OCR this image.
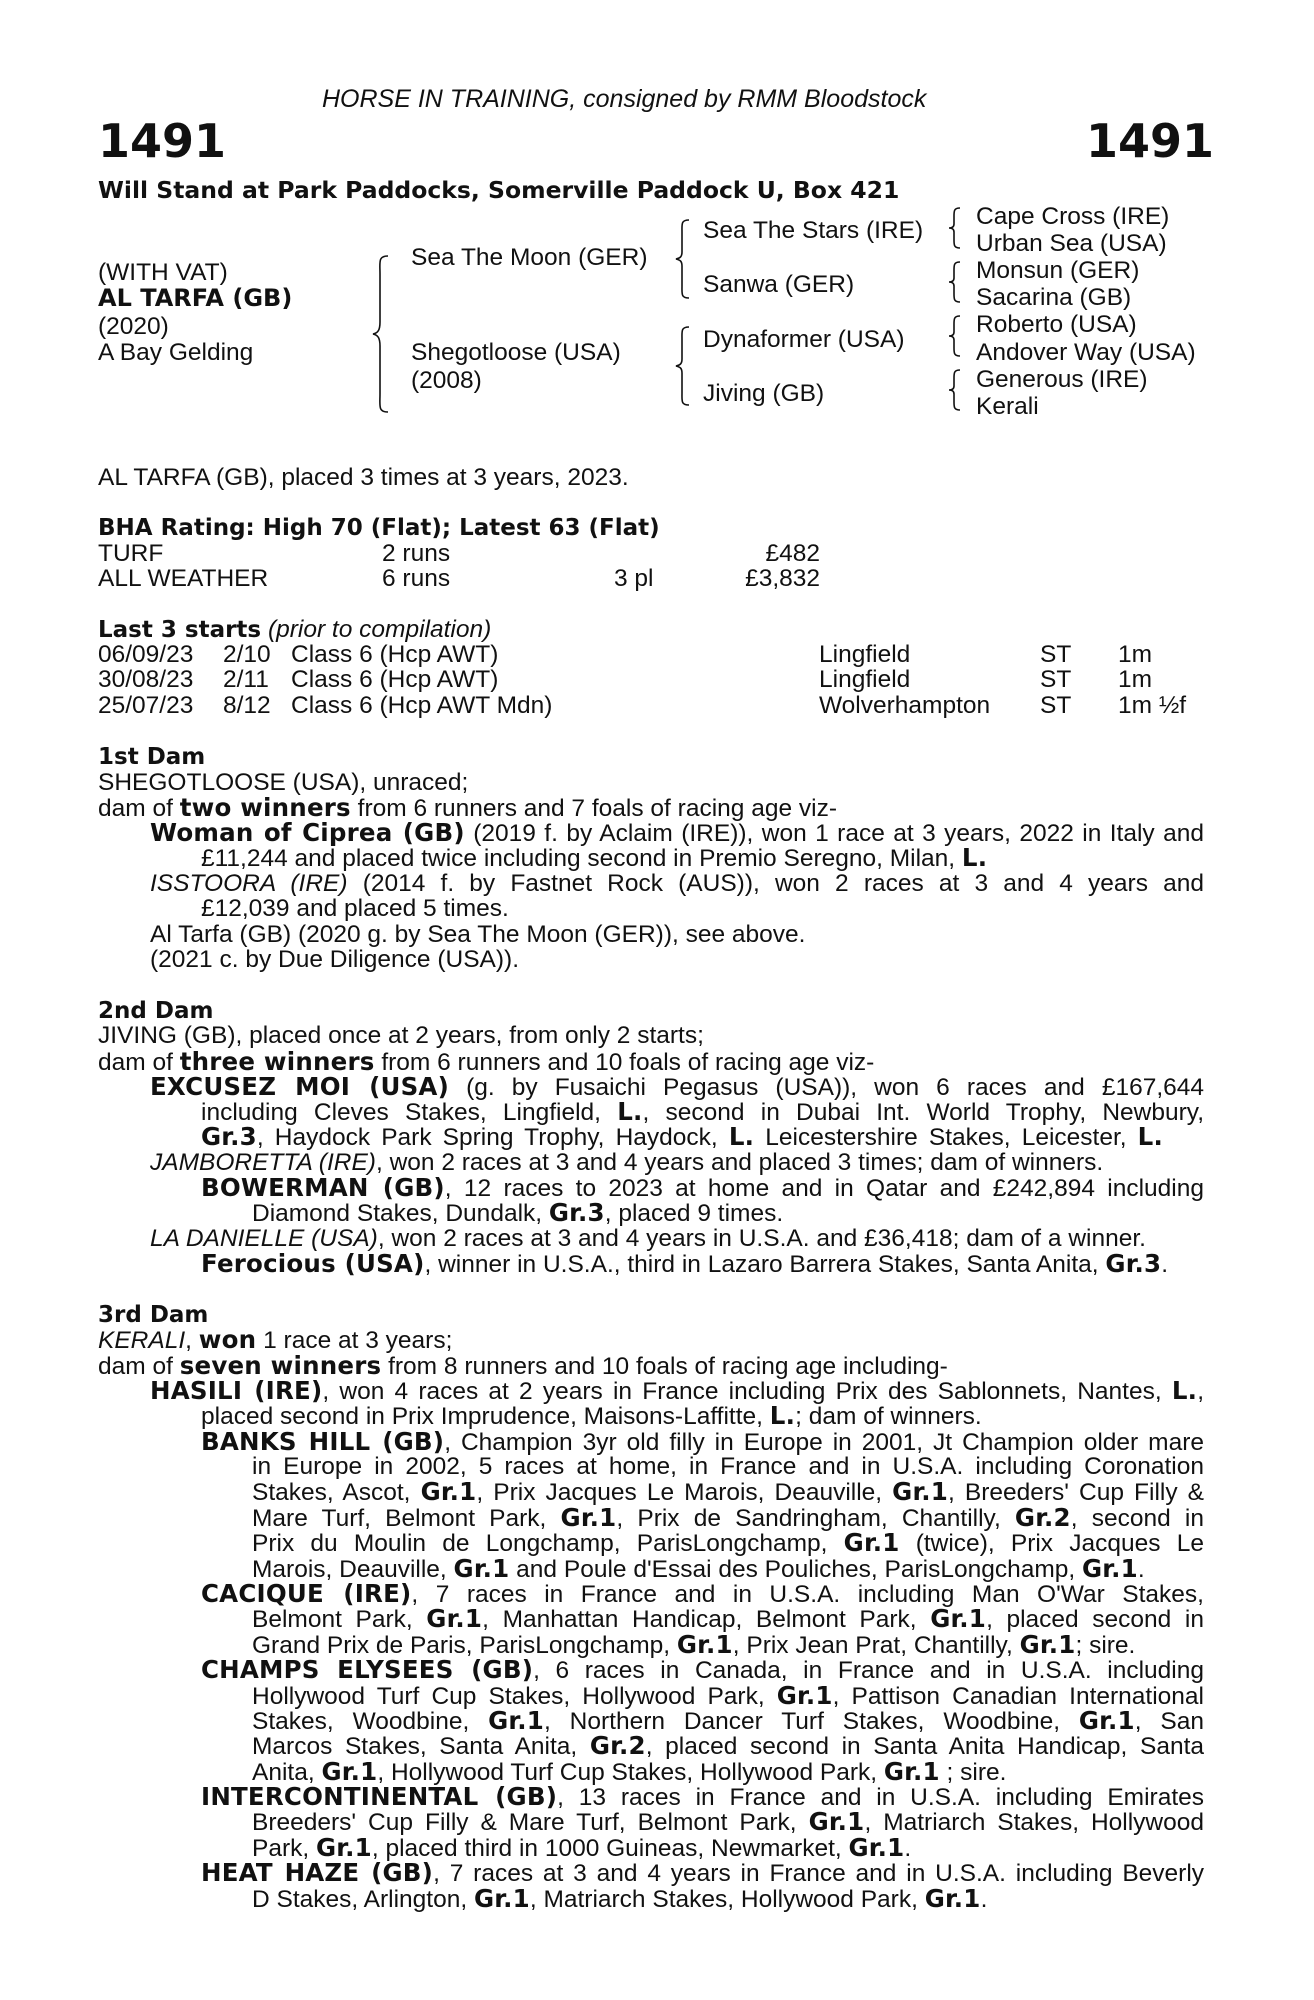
HORSE IN TRAINING, consigned by RMM Bloodstock
1491	1491
Will Stand at Park Paddocks, Somerville Paddock U, Box 421
(WITH VAT)
AL TARFA (GB)
(2020)
A Bay Gelding
Sea The Moon (GER)
Shegotloose (USA)
(2008)
Sea The Stars (IRE)
Sanwa (GER)
Dynaformer (USA)
Jiving (GB)
Cape Cross (IRE)
Urban Sea (USA)
Monsun (GER)
Sacarina (GB)
Roberto (USA)
Andover Way (USA)
Generous (IRE)
Kerali
AL TARFA (GB), placed 3 times at 3 years, 2023.
BHA Rating: High 70 (Flat); Latest 63 (Flat)
TURF	2 runs	£482
ALL WEATHER	6 runs	3 pl	£3,832
Last 3 starts (prior to compilation)
06/09/23 2/10 Class 6 (Hcp AWT)	Lingfield	ST 1m
30/08/23 2/11 Class 6 (Hcp AWT)	Lingfield	ST 1m
25/07/23 8/12 Class 6 (Hcp AWT Mdn)	Wolverhampton ST 1m ½f
1st Dam
SHEGOTLOOSE (USA), unraced;
dam of two winners from 6 runners and 7 foals of racing age viz-
Woman of Ciprea (GB) (2019 f. by Aclaim (IRE)), won 1 race at 3 years, 2022 in Italy and
£11,244 and placed twice including second in Premio Seregno, Milan, L.
ISSTOORA (IRE) (2014 f. by Fastnet Rock (AUS)), won 2 races at 3 and 4 years and
£12,039 and placed 5 times.
Al Tarfa (GB) (2020 g. by Sea The Moon (GER)), see above.
(2021 c. by Due Diligence (USA)).
2nd Dam
JIVING (GB), placed once at 2 years, from only 2 starts;
dam of three winners from 6 runners and 10 foals of racing age viz-
EXCUSEZ MOI (USA) (g. by Fusaichi Pegasus (USA)), won 6 races and £167,644
including Cleves Stakes, Lingfield, L., second in Dubai Int. World Trophy, Newbury,
Gr.3, Haydock Park Spring Trophy, Haydock, L. Leicestershire Stakes, Leicester, L.
JAMBORETTA (IRE), won 2 races at 3 and 4 years and placed 3 times; dam of winners.
BOWERMAN (GB), 12 races to 2023 at home and in Qatar and £242,894 including
Diamond Stakes, Dundalk, Gr.3, placed 9 times.
LA DANIELLE (USA), won 2 races at 3 and 4 years in U.S.A. and £36,418; dam of a winner.
Ferocious (USA), winner in U.S.A., third in Lazaro Barrera Stakes, Santa Anita, Gr.3.
3rd Dam
KERALI, won 1 race at 3 years;
dam of seven winners from 8 runners and 10 foals of racing age including-
HASILI (IRE), won 4 races at 2 years in France including Prix des Sablonnets, Nantes, L.,
placed second in Prix Imprudence, Maisons-Laffitte, L.; dam of winners.
BANKS HILL (GB), Champion 3yr old filly in Europe in 2001, Jt Champion older mare
in Europe in 2002, 5 races at home, in France and in U.S.A. including Coronation
Stakes, Ascot, Gr.1, Prix Jacques Le Marois, Deauville, Gr.1, Breeders' Cup Filly &
Mare Turf, Belmont Park, Gr.1, Prix de Sandringham, Chantilly, Gr.2, second in
Prix du Moulin de Longchamp, ParisLongchamp, Gr.1 (twice), Prix Jacques Le
Marois, Deauville, Gr.1 and Poule d'Essai des Pouliches, ParisLongchamp, Gr.1.
CACIQUE (IRE), 7 races in France and in U.S.A. including Man O'War Stakes,
Belmont Park, Gr.1, Manhattan Handicap, Belmont Park, Gr.1, placed second in
Grand Prix de Paris, ParisLongchamp, Gr.1, Prix Jean Prat, Chantilly, Gr.1; sire.
CHAMPS ELYSEES (GB), 6 races in Canada, in France and in U.S.A. including
Hollywood Turf Cup Stakes, Hollywood Park, Gr.1, Pattison Canadian International
Stakes, Woodbine, Gr.1, Northern Dancer Turf Stakes, Woodbine, Gr.1, San
Marcos Stakes, Santa Anita, Gr.2, placed second in Santa Anita Handicap, Santa
Anita, Gr.1, Hollywood Turf Cup Stakes, Hollywood Park, Gr.1 ; sire.
INTERCONTINENTAL (GB), 13 races in France and in U.S.A. including Emirates
Breeders' Cup Filly & Mare Turf, Belmont Park, Gr.1, Matriarch Stakes, Hollywood
Park, Gr.1, placed third in 1000 Guineas, Newmarket, Gr.1.
HEAT HAZE (GB), 7 races at 3 and 4 years in France and in U.S.A. including Beverly
D Stakes, Arlington, Gr.1, Matriarch Stakes, Hollywood Park, Gr.1.
